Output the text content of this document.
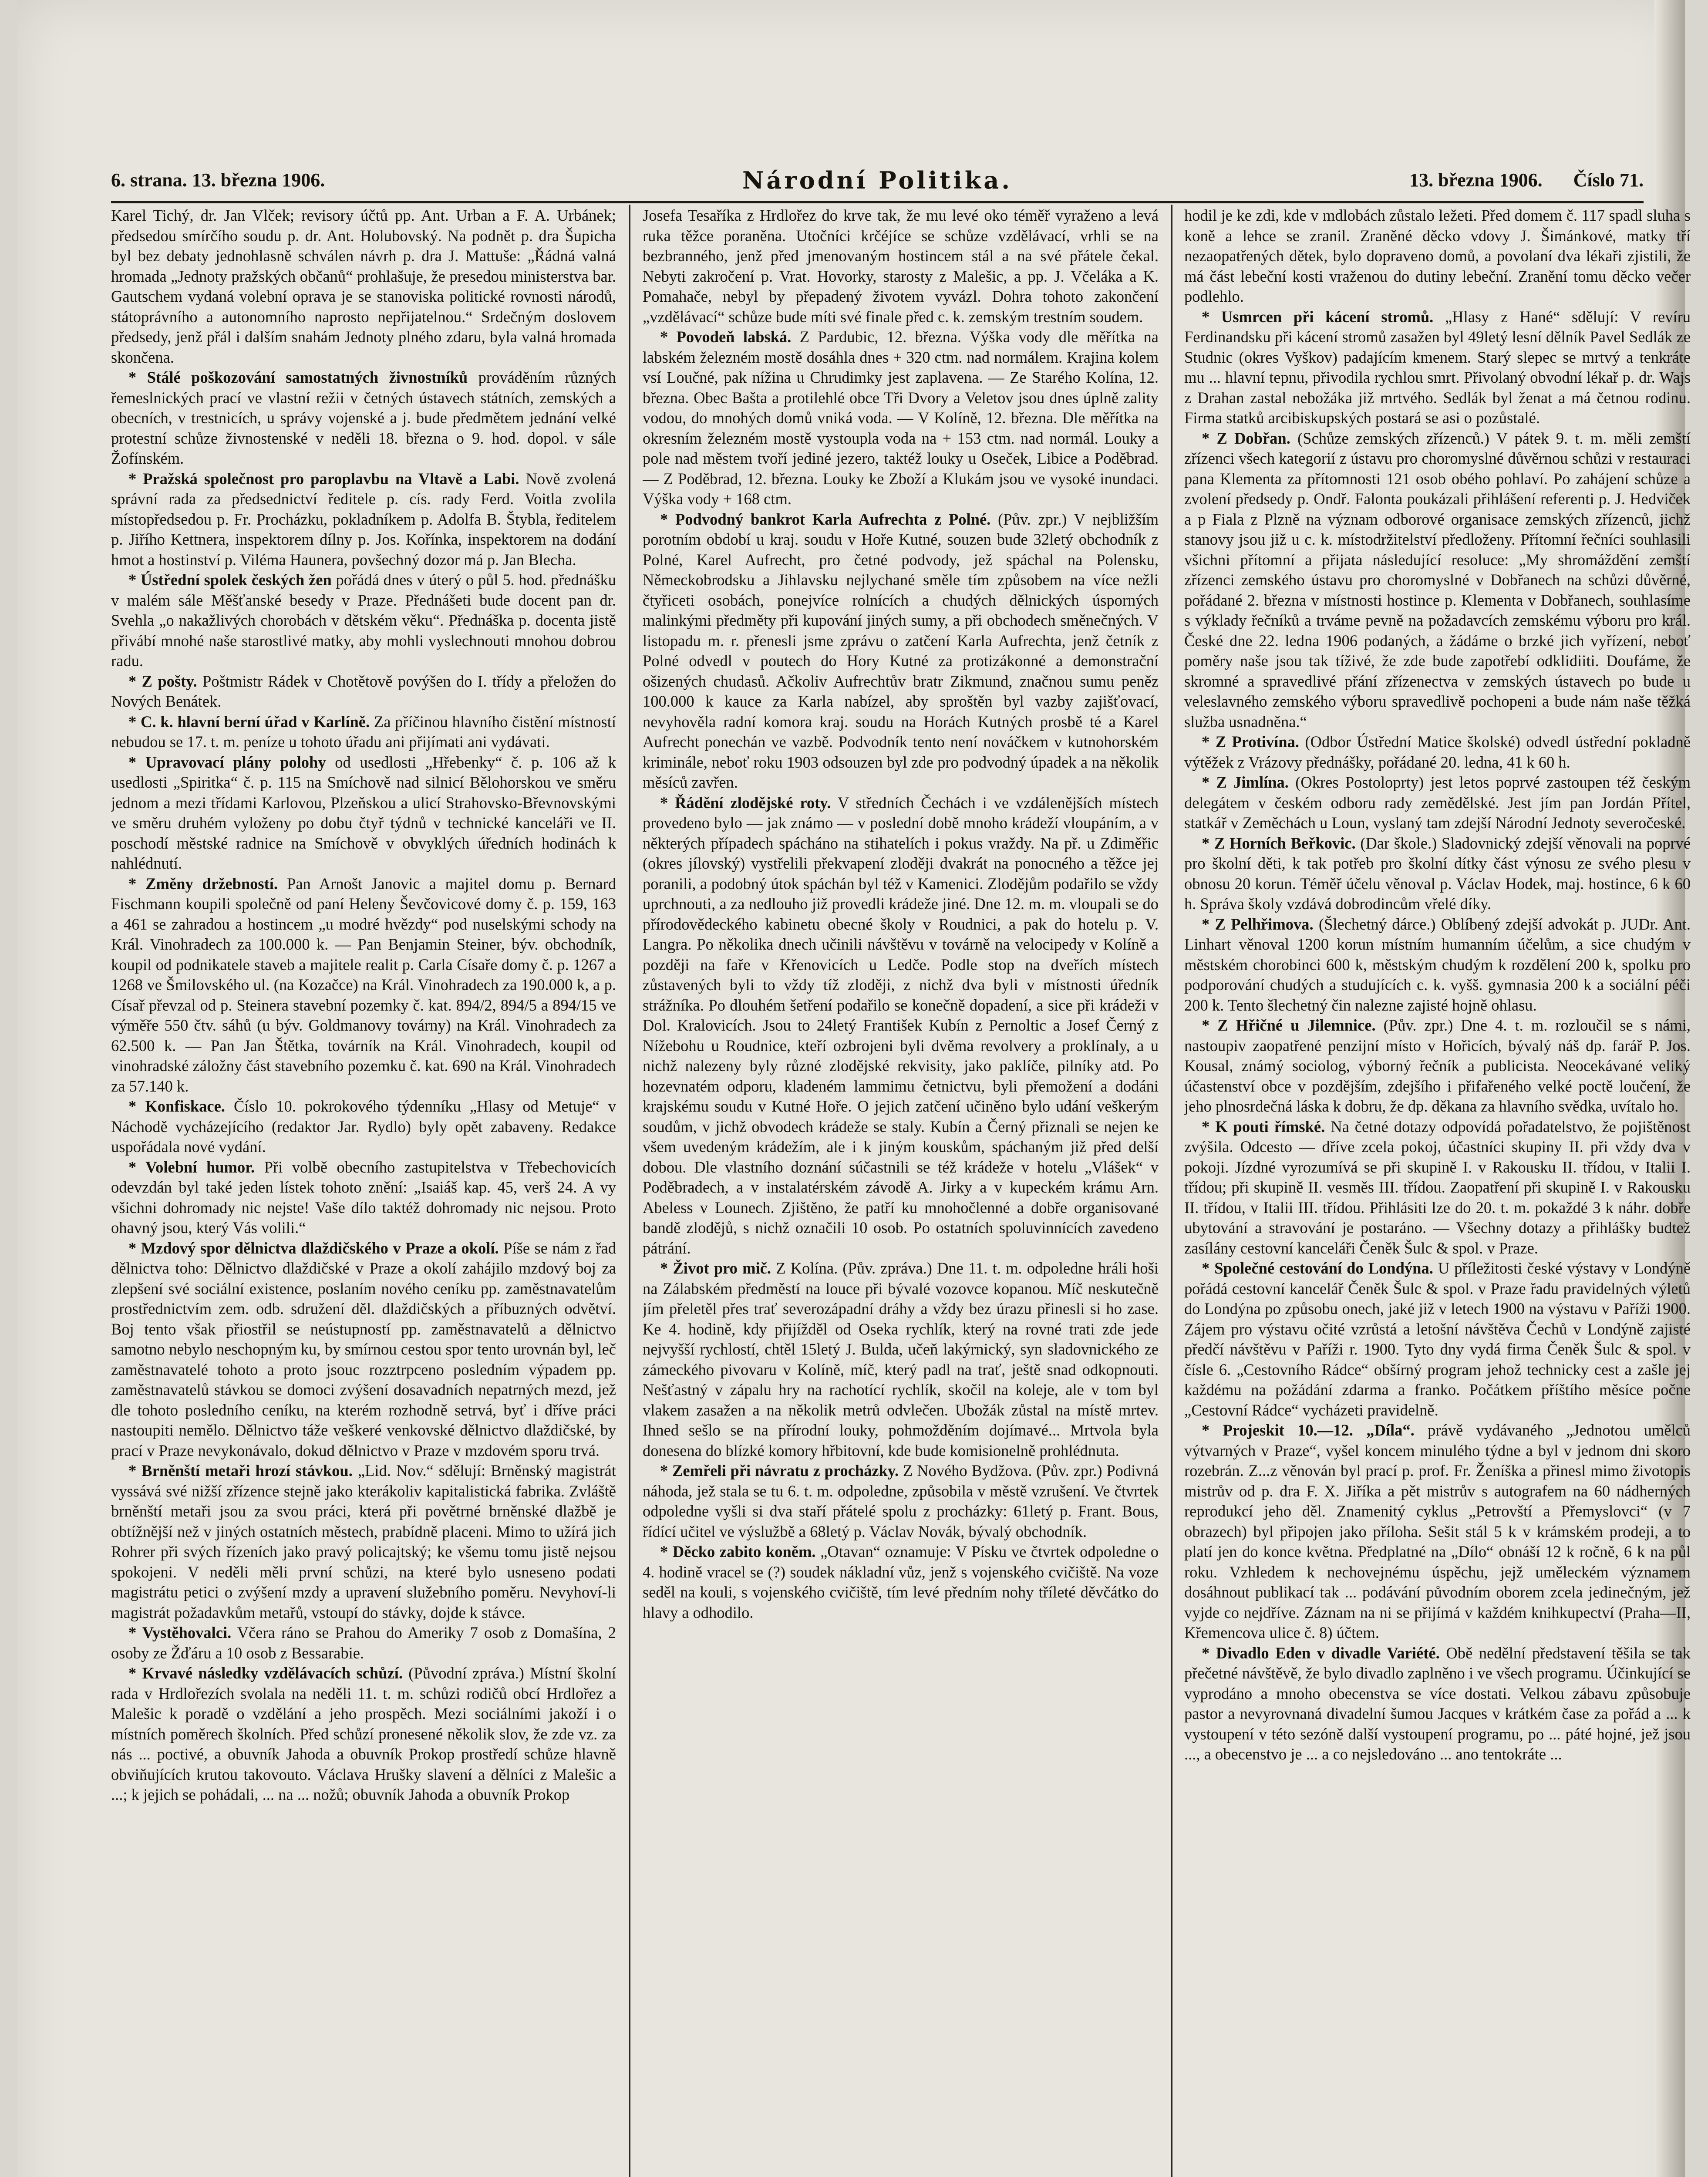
6. strana. 13. března 1906.	Národní Politika.	13. března 1906. Číslo 71.

Karel Tichý, dr. Jan Vlček; revisory účtů pp. Ant. Urban a F. A. Urbánek; předsedou smírčího soudu p. dr. Ant. Holubovský. Na podnět p. dra Šupicha byl bez debaty jednohlasně schválen návrh p. dra J. Mattuše: „Řádná valná hromada „Jednoty pražských občanů“ prohlašuje, že presedou ministerstva bar. Gautschem vydaná volební oprava je se stanoviska politické rovnosti národů, státoprávního a autonomního naprosto nepřijatelnou.“ Srdečným doslovem předsedy, jenž přál i dalším snahám Jednoty plného zdaru, byla valná hromada skončena.

* Stálé poškozování samostatných živnostníků prováděním různých řemeslnických prací ve vlastní režii v četných ústavech státních, zemských a obecních, v trestnicích, u správy vojenské a j. bude předmětem jednání velké protestní schůze živnostenské v neděli 18. března o 9. hod. dopol. v sále Žofínském.

* Pražská společnost pro paroplavbu na Vltavě a Labi. Nově zvolená správní rada za předsednictví ředitele p. cís. rady Ferd. Voitla zvolila místopředsedou p. Fr. Procházku, pokladníkem p. Adolfa B. Štybla, ředitelem p. Jiřího Kettnera, inspektorem dílny p. Jos. Kořínka, inspektorem na dodání hmot a hostinství p. Viléma Haunera, povšechný dozor má p. Jan Blecha.

* Ústřední spolek českých žen pořádá dnes v úterý o půl 5. hod. přednášku v malém sále Měšťanské besedy v Praze. Přednášeti bude docent pan dr. Svehla „o nakažlivých chorobách v dětském věku“. Přednáška p. docenta jistě přivábí mnohé naše starostlivé matky, aby mohli vyslechnouti mnohou dobrou radu.

* Z pošty. Poštmistr Rádek v Chotětově povýšen do I. třídy a přeložen do Nových Benátek.

* C. k. hlavní berní úřad v Karlíně. Za příčinou hlavního čistění místností nebudou se 17. t. m. peníze u tohoto úřadu ani přijímati ani vydávati.

* Upravovací plány polohy od usedlosti „Hřebenky“ č. p. 106 až k usedlosti „Spiritka“ č. p. 115 na Smíchově nad silnicí Bělohorskou ve směru jednom a mezi třídami Karlovou, Plzeňskou a ulicí Strahovsko-Břevnovskými ve směru druhém vyloženy po dobu čtyř týdnů v technické kanceláři ve II. poschodí městské radnice na Smíchově v obvyklých úředních hodinách k nahlédnutí.

* Změny držebností. Pan Arnošt Janovic a majitel domu p. Bernard Fischmann koupili společně od paní Heleny Ševčovicové domy č. p. 159, 163 a 461 se zahradou a hostincem „u modré hvězdy“ pod nuselskými schody na Král. Vinohradech za 100.000 k. — Pan Benjamin Steiner, býv. obchodník, koupil od podnikatele staveb a majitele realit p. Carla Císaře domy č. p. 1267 a 1268 ve Šmilovského ul. (na Kozačce) na Král. Vinohradech za 190.000 k, a p. Císař převzal od p. Steinera stavební pozemky č. kat. 894/2, 894/5 a 894/15 ve výměře 550 čtv. sáhů (u býv. Goldmanovy továrny) na Král. Vinohradech za 62.500 k. — Pan Jan Štětka, továrník na Král. Vinohradech, koupil od vinohradské záložny část stavebního pozemku č. kat. 690 na Král. Vinohradech za 57.140 k.

* Konfiskace. Číslo 10. pokrokového týdenníku „Hlasy od Metuje“ v Náchodě vycházejícího (redaktor Jar. Rydlo) byly opět zabaveny. Redakce uspořádala nové vydání.

* Volební humor. Při volbě obecního zastupitelstva v Třebechovicích odevzdán byl také jeden lístek tohoto znění: „Isaiáš kap. 45, verš 24. A vy všichni dohromady nic nejste! Vaše dílo taktéž dohromady nic nejsou. Proto ohavný jsou, který Vás volili.“

* Mzdový spor dělnictva dlaždičského v Praze a okolí. Píše se nám z řad dělnictva toho: Dělnictvo dlaždičské v Praze a okolí zahájilo mzdový boj za zlepšení své sociální existence, poslaním nového ceníku pp. zaměstnavatelům prostřednictvím zem. odb. sdružení děl. dlaždičských a příbuzných odvětví. Boj tento však přiostřil se neústupností pp. zaměstnavatelů a dělnictvo samotno nebylo neschopným ku, by smírnou cestou spor tento urovnán byl, leč zaměstnavatelé tohoto a proto jsouc rozztrpceno posledním výpadem pp. zaměstnavatelů stávkou se domoci zvýšení dosavadních nepatrných mezd, jež dle tohoto posledního ceníku, na kterém rozhodně setrvá, byť i dříve práci nastoupiti nemělo. Dělnictvo táže veškeré venkovské dělnictvo dlaždičské, by prací v Praze nevykonávalo, dokud dělnictvo v Praze v mzdovém sporu trvá.

* Brněnští metaři hrozí stávkou. „Lid. Nov.“ sdělují: Brněnský magistrát vyssává své nižší zřízence stejně jako kterákoliv kapitalistická fabrika. Zvláště brněnští metaři jsou za svou práci, která při povětrné brněnské dlažbě je obtížnější než v jiných ostatních městech, prabídně placeni. Mimo to užírá jich Rohrer při svých řízeních jako pravý policajtský; ke všemu tomu jistě nejsou spokojeni. V neděli měli první schůzi, na které bylo usneseno podati magistrátu petici o zvýšení mzdy a upravení služebního poměru. Nevyhoví-li magistrát požadavkům metařů, vstoupí do stávky, dojde k stávce.

* Vystěhovalci. Včera ráno se Prahou do Ameriky 7 osob z Domašína, 2 osoby ze Žďáru a 10 osob z Bessarabie.

* Krvavé následky vzdělávacích schůzí. (Původní zpráva.) Místní školní rada v Hrdlořezích svolala na neděli 11. t. m. schůzi rodičů obcí Hrdlořez a Malešic k poradě o vzdělání a jeho prospěch. Mezi sociálními jakoží i o místních poměrech školních. Před schůzí pronesené několik slov, že zde vz. za nás ... poctivé, a obuvník Jahoda a obuvník Prokop prostředí schůze hlavně obviňujících krutou takovouto. Václava Hrušky slavení a dělníci z Malešic a ...; k jejich se pohádali, ... na ... nožů; obuvník Jahoda a obuvník Prokop

Josefa Tesaříka z Hrdlořez do krve tak, že mu levé oko téměř vyraženo a levá ruka těžce poraněna. Utočníci krčéjíce se schůze vzdělávací, vrhli se na bezbranného, jenž před jmenovaným hostincem stál a na své přátele čekal. Nebyti zakročení p. Vrat. Hovorky, starosty z Malešic, a pp. J. Včeláka a K. Pomahače, nebyl by přepadený životem vyvázl. Dohra tohoto zakončení „vzdělávací“ schůze bude míti své finale před c. k. zemským trestním soudem.

* Povodeň labská. Z Pardubic, 12. března. Výška vody dle měřítka na labském železném mostě dosáhla dnes + 320 ctm. nad normálem. Krajina kolem vsí Loučné, pak nížina u Chrudimky jest zaplavena. — Ze Starého Kolína, 12. března. Obec Bašta a protilehlé obce Tři Dvory a Veletov jsou dnes úplně zality vodou, do mnohých domů vniká voda. — V Kolíně, 12. března. Dle měřítka na okresním železném mostě vystoupla voda na + 153 ctm. nad normál. Louky a pole nad městem tvoří jediné jezero, taktéž louky u Oseček, Libice a Poděbrad. — Z Poděbrad, 12. března. Louky ke Zboží a Klukám jsou ve vysoké inundaci. Výška vody + 168 ctm.

* Podvodný bankrot Karla Aufrechta z Polné. (Pův. zpr.) V nejbližším porotním období u kraj. soudu v Hoře Kutné, souzen bude 32letý obchodník z Polné, Karel Aufrecht, pro četné podvody, jež spáchal na Polensku, Německobrodsku a Jihlavsku nejlychané směle tím způsobem na více nežli čtyřiceti osobách, ponejvíce rolnících a chudých dělnických úsporných malinkými předměty při kupování jiných sumy, a při obchodech směnečných. V listopadu m. r. přenesli jsme zprávu o zatčení Karla Aufrechta, jenž četník z Polné odvedl v poutech do Hory Kutné za protizákonné a demonstrační ošizených chudasů. Ačkoliv Aufrechtův bratr Zikmund, značnou sumu peněz 100.000 k kauce za Karla nabízel, aby sproštěn byl vazby zajišťovací, nevyhověla radní komora kraj. soudu na Horách Kutných prosbě té a Karel Aufrecht ponechán ve vazbě. Podvodník tento není nováčkem v kutnohorském kriminále, neboť roku 1903 odsouzen byl zde pro podvodný úpadek a na několik měsíců zavřen.

* Řádění zlodějské roty. V středních Čechách i ve vzdálenějších místech provedeno bylo — jak známo — v poslední době mnoho krádeží vloupáním, a v některých případech spácháno na stihatelích i pokus vraždy. Na př. u Zdiměřic (okres jílovský) vystřelili překvapení zloději dvakrát na ponocného a těžce jej poranili, a podobný útok spáchán byl též v Kamenici. Zlodějům podařilo se vždy uprchnouti, a za nedlouho již provedli krádeže jiné. Dne 12. m. m. vloupali se do přírodovědeckého kabinetu obecné školy v Roudnici, a pak do hotelu p. V. Langra. Po několika dnech učinili návštěvu v továrně na velocipedy v Kolíně a později na faře v Křenovicích u Ledče. Podle stop na dveřích místech zůstavených byli to vždy tíž zloději, z nichž dva byli v místnosti úředník strážníka. Po dlouhém šetření podařilo se konečně dopadení, a sice při krádeži v Dol. Kralovicích. Jsou to 24letý František Kubín z Pernoltic a Josef Černý z Nížebohu u Roudnice, kteří ozbrojeni byli dvěma revolvery a proklínaly, a u nichž nalezeny byly různé zlodějské rekvisity, jako paklíče, pilníky atd. Po hozevnatém odporu, kladeném lammimu četnictvu, byli přemožení a dodáni krajskému soudu v Kutné Hoře. O jejich zatčení učiněno bylo udání veškerým soudům, v jichž obvodech krádeže se staly. Kubín a Černý přiznali se nejen ke všem uvedeným krádežím, ale i k jiným kouskům, spáchaným již před delší dobou. Dle vlastního doznání súčastnili se též krádeže v hotelu „Vlášek“ v Poděbradech, a v instalatérském závodě A. Jirky a v kupeckém krámu Arn. Abeless v Lounech. Zjištěno, že patří ku mnohočlenné a dobře organisované bandě zlodějů, s nichž označili 10 osob. Po ostatních spoluvinnících zavedeno pátrání.

* Život pro mič. Z Kolína. (Pův. zpráva.) Dne 11. t. m. odpoledne hráli hoši na Zálabském předměstí na louce při bývalé vozovce kopanou. Míč neskutečně jím přeletěl přes trať severozápadní dráhy a vždy bez úrazu přinesli si ho zase. Ke 4. hodině, kdy přijížděl od Oseka rychlík, který na rovné trati zde jede nejvyšší rychlostí, chtěl 15letý J. Bulda, učeň lakýrnický, syn sladovnického ze zámeckého pivovaru v Kolíně, míč, který padl na trať, ještě snad odkopnouti. Nešťastný v zápalu hry na rachotící rychlík, skočil na koleje, ale v tom byl vlakem zasažen a na několik metrů odvlečen. Ubožák zůstal na místě mrtev. Ihned sešlo se na přírodní louky, pohmožděním dojímavé... Mrtvola byla donesena do blízké komory hřbitovní, kde bude komisionelně prohlédnuta.

* Zemřeli při návratu z procházky. Z Nového Bydžova. (Pův. zpr.) Podivná náhoda, jež stala se tu 6. t. m. odpoledne, způsobila v městě vzrušení. Ve čtvrtek odpoledne vyšli si dva staří přátelé spolu z procházky: 61letý p. Frant. Bous, řídící učitel ve výslužbě a 68letý p. Václav Novák, bývalý obchodník.

* Děcko zabito koněm. „Otavan“ oznamuje: V Písku ve čtvrtek odpoledne o 4. hodině vracel se (?) soudek nákladní vůz, jenž s vojenského cvičiště. Na voze seděl na kouli, s vojenského cvičiště, tím levé předním nohy tříleté děvčátko do hlavy a odhodilo.

hodil je ke zdi, kde v mdlobách zůstalo ležeti. Před domem č. 117 spadl sluha s koně a lehce se zranil. Zraněné děcko vdovy J. Šimánkové, matky tří nezaopatřených dětek, bylo dopraveno domů, a povolaní dva lékaři zjistili, že má část lebeční kosti vraženou do dutiny lebeční. Zranění tomu děcko večer podlehlo.

* Usmrcen při kácení stromů. „Hlasy z Hané“ sdělují: V revíru Ferdinandsku při kácení stromů zasažen byl 49letý lesní dělník Pavel Sedlák ze Studnic (okres Vyškov) padajícím kmenem. Starý slepec se mrtvý a tenkráte mu ... hlavní tepnu, přivodila rychlou smrt. Přivolaný obvodní lékař p. dr. Wajs z Drahan zastal nebožáka již mrtvého. Sedlák byl ženat a má četnou rodinu. Firma statků arcibiskupských postará se asi o pozůstalé.

* Z Dobřan. (Schůze zemských zřízenců.) V pátek 9. t. m. měli zemští zřízenci všech kategorií z ústavu pro choromyslné důvěrnou schůzi v restauraci pana Klementa za přítomnosti 121 osob obého pohlaví. Po zahájení schůze a zvolení předsedy p. Ondř. Falonta poukázali přihlášení referenti p. J. Hedviček a p Fiala z Plzně na význam odborové organisace zemských zřízenců, jichž stanovy jsou již u c. k. místodržitelství předloženy. Přítomní řečníci souhlasili všichni přítomní a přijata následující resoluce: „My shromáždění zemští zřízenci zemského ústavu pro choromyslné v Dobřanech na schůzi důvěrné, pořádané 2. března v místnosti hostince p. Klementa v Dobřanech, souhlasíme s výklady řečníků a trváme pevně na požadavcích zemskému výboru pro král. České dne 22. ledna 1906 podaných, a žádáme o brzké jich vyřízení, neboť poměry naše jsou tak tíživé, že zde bude zapotřebí odklidiiti. Doufáme, že skromné a spravedlivé přání zřízenectva v zemských ústavech po bude u veleslavného zemského výboru spravedlivě pochopeni a bude nám naše těžká služba usnadněna.“

* Z Protivína. (Odbor Ústřední Matice školské) odvedl ústřední pokladně výtěžek z Vrázovy přednášky, pořádané 20. ledna, 41 k 60 h.

* Z Jimlína. (Okres Postoloprty) jest letos poprvé zastoupen též českým delegátem v českém odboru rady zemědělské. Jest jím pan Jordán Přítel, statkář v Zeměchách u Loun, vyslaný tam zdejší Národní Jednoty severočeské.

* Z Horních Beřkovic. (Dar škole.) Sladovnický zdejší věnovali na poprvé pro školní děti, k tak potřeb pro školní dítky část výnosu ze svého plesu v obnosu 20 korun. Téměř účelu věnoval p. Václav Hodek, maj. hostince, 6 k 60 h. Správa školy vzdává dobrodincům vřelé díky.

* Z Pelhřimova. (Šlechetný dárce.) Oblíbený zdejší advokát p. JUDr. Ant. Linhart věnoval 1200 korun místním humanním účelům, a sice chudým v městském chorobinci 600 k, městským chudým k rozdělení 200 k, spolku pro podporování chudých a studujících c. k. vyšš. gymnasia 200 k a sociální péči 200 k. Tento šlechetný čin nalezne zajisté hojně ohlasu.

* Z Hřičné u Jilemnice. (Pův. zpr.) Dne 4. t. m. rozloučil se s námi, nastoupiv zaopatřené penzijní místo v Hořicích, bývalý náš dp. farář P. Jos. Kousal, známý sociolog, výborný řečník a publicista. Neocekávané veliký účastenství obce v pozdějším, zdejšího i přifařeného velké poctě loučení, že jeho plnosrdečná láska k dobru, že dp. děkana za hlavního svědka, uvítalo ho.

* K pouti římské. Na četné dotazy odpovídá pořadatelstvo, že pojištěnost zvýšila. Odcesto — dříve zcela pokoj, účastníci skupiny II. při vždy dva v pokoji. Jízdné vyrozumívá se při skupině I. v Rakousku II. třídou, v Italii I. třídou; při skupině II. vesměs III. třídou. Zaopatření při skupině I. v Rakousku II. třídou, v Italii III. třídou. Přihlásiti lze do 20. t. m. pokaždé 3 k náhr. dobře ubytování a stravování je postaráno. — Všechny dotazy a přihlášky budtež zasílány cestovní kanceláři Čeněk Šulc & spol. v Praze.

* Společné cestování do Londýna. U příležitosti české výstavy v Londýně pořádá cestovní kancelář Čeněk Šulc & spol. v Praze řadu pravidelných výletů do Londýna po způsobu onech, jaké již v letech 1900 na výstavu v Paříži 1900. Zájem pro výstavu očité vzrůstá a letošní návštěva Čechů v Londýně zajisté předčí návštěvu v Paříži r. 1900. Tyto dny vydá firma Čeněk Šulc & spol. v čísle 6. „Cestovního Rádce“ obšírný program jehož technicky cest a zašle jej každému na požádání zdarma a franko. Počátkem příštího měsíce počne „Cestovní Rádce“ vycházeti pravidelně.

* Projeskit 10.—12. „Díla“. právě vydávaného „Jednotou umělců výtvarných v Praze“, vyšel koncem minulého týdne a byl v jednom dni skoro rozebrán. Z...z věnován byl prací p. prof. Fr. Ženíška a přinesl mimo životopis mistrův od p. dra F. X. Jiříka a pět mistrův s autografem na 60 nádherných reprodukcí jeho děl. Znamenitý cyklus „Petrovští a Přemyslovci“ (v 7 obrazech) byl připojen jako příloha. Sešit stál 5 k v krámském prodeji, a to platí jen do konce května. Předplatné na „Dílo“ obnáší 12 k ročně, 6 k na půl roku. Vzhledem k nechovejnému úspěchu, jejž uměleckém významem dosáhnout publikací tak ... podávání původním oborem zcela jedinečným, jež vyjde co nejdříve. Záznam na ni se přijímá v každém knihkupectví (Praha—II, Křemencova ulice č. 8) účtem.

* Divadlo Eden v divadle Variété. Obě nedělní představení těšila se tak přečetné návštěvě, že bylo divadlo zaplněno i ve všech programu. Účinkující se vyprodáno a mnoho obecenstva se více dostati. Velkou zábavu způsobuje pastor a nevyrovnaná divadelní šumou Jacques v krátkém čase za pořád a ... k vystoupení v této sezóně další vystoupení programu, po ... páté hojné, jež jsou ..., a obecenstvo je ... a co nejsledováno ... ano tentokráte ...
